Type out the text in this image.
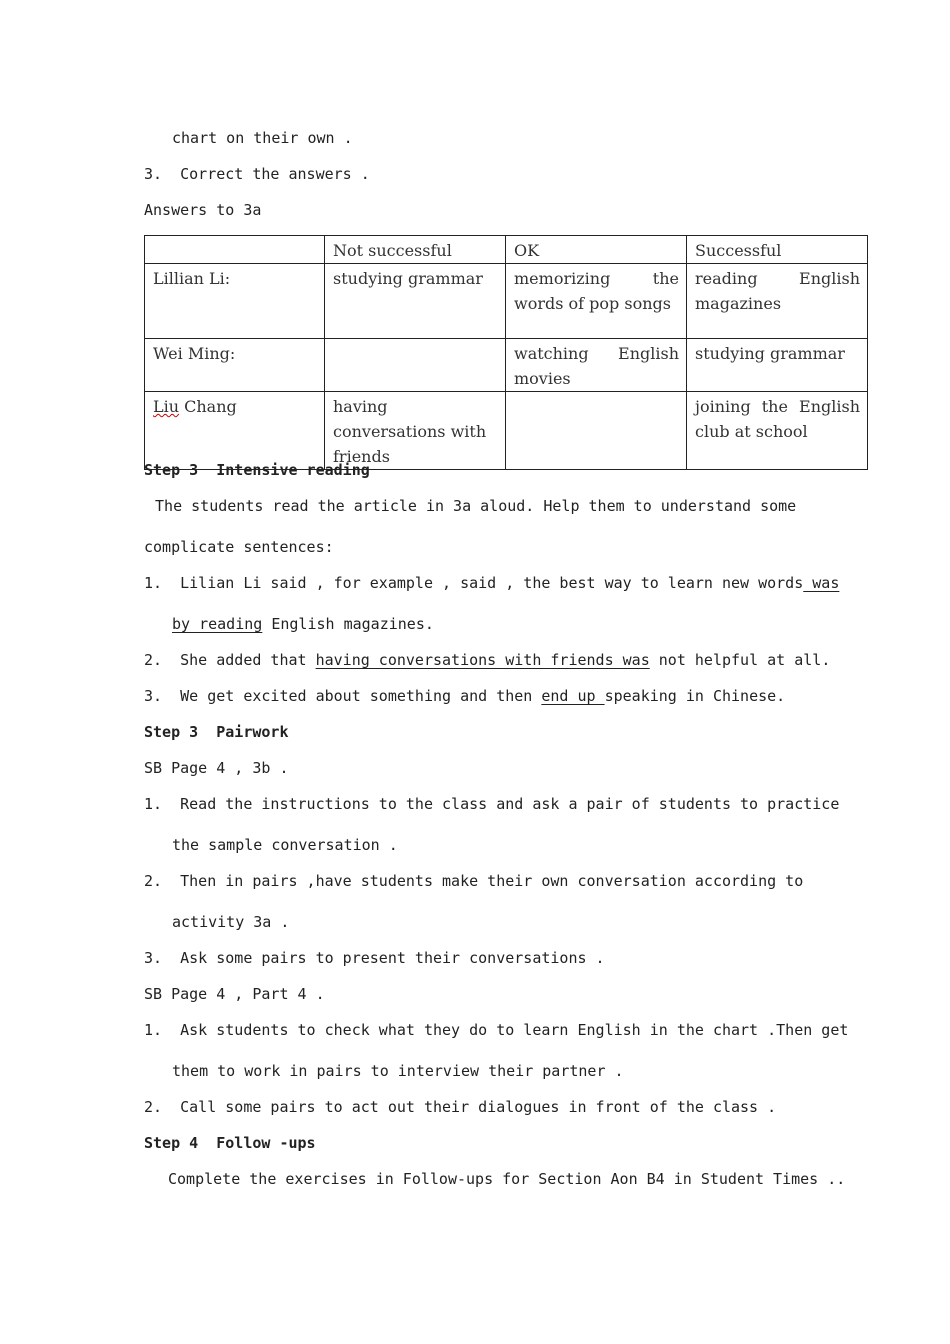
chart on their own .
3.  Correct the answers .
Answers to 3a
	Not successful	OK	Successful
Lillian Li:	studying grammar	memorizing the words of pop songs	reading English magazines
Wei Ming:		watching English movies	studying grammar
Liu Chang	having conversations with friends		joining the English club at school
Step 3  Intensive reading
The students read the article in 3a aloud. Help them to understand some
complicate sentences:
1.  Lilian Li said , for example , said , the best way to learn new words was
by reading English magazines.
2.  She added that having conversations with friends was not helpful at all.
3.  We get excited about something and then end up speaking in Chinese.
Step 3  Pairwork
SB Page 4 , 3b .
1.  Read the instructions to the class and ask a pair of students to practice
the sample conversation .
2.  Then in pairs ,have students make their own conversation according to
activity 3a .
3.  Ask some pairs to present their conversations .
SB Page 4 , Part 4 .
1.  Ask students to check what they do to learn English in the chart .Then get
them to work in pairs to interview their partner .
2.  Call some pairs to act out their dialogues in front of the class .
Step 4  Follow -ups
Complete the exercises in Follow-ups for Section Aon B4 in Student Times ..
